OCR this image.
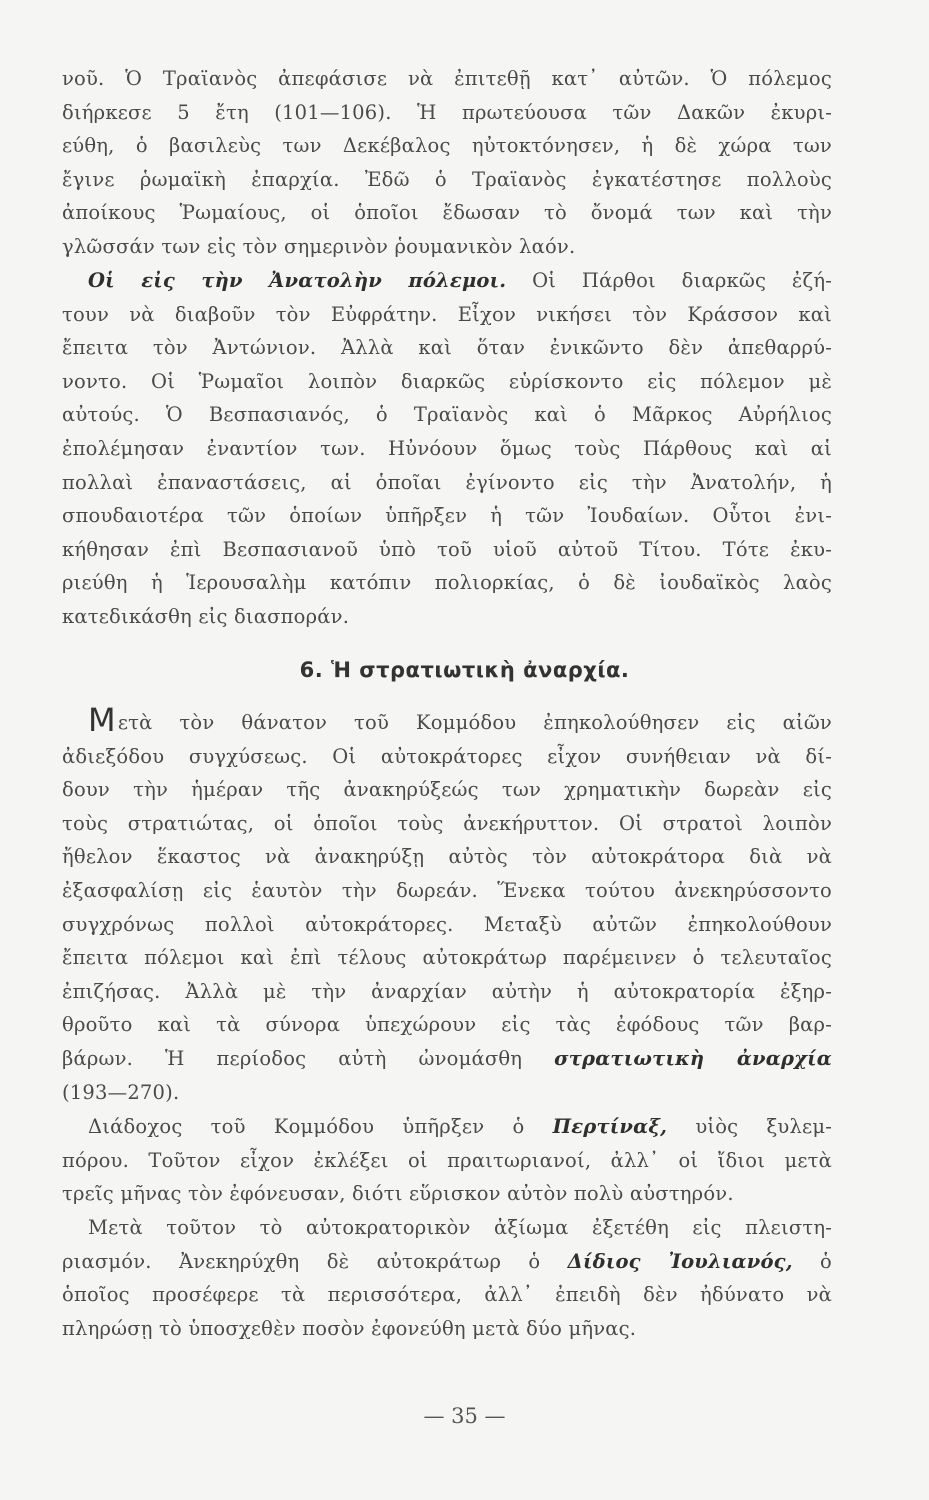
νοῦ. Ὁ Τραϊανὸς ἀπεφάσισε νὰ ἐπιτεθῇ κατ᾿ αὐτῶν. Ὁ πόλεμος
διήρκεσε 5 ἔτη (101—106). Ἡ πρωτεύουσα τῶν Δακῶν ἐκυρι-
εύθη, ὁ βασιλεὺς των Δεκέβαλος ηὐτοκτόνησεν, ἡ δὲ χώρα των
ἔγινε ῥωμαϊκὴ ἐπαρχία. Ἐδῶ ὁ Τραϊανὸς ἐγκατέστησε πολλοὺς
ἀποίκους Ῥωμαίους, οἱ ὁποῖοι ἔδωσαν τὸ ὄνομά των καὶ τὴν
γλῶσσάν των εἰς τὸν σημερινὸν ῥουμανικὸν λαόν.
Οἱ εἰς τὴν Ἀνατολὴν πόλεμοι. Οἱ Πάρθοι διαρκῶς ἐζή-
τουν νὰ διαβοῦν τὸν Εὐφράτην. Εἶχον νικήσει τὸν Κράσσον καὶ
ἔπειτα τὸν Ἀντώνιον. Ἀλλὰ καὶ ὅταν ἐνικῶντο δὲν ἀπεθαρρύ-
νοντο. Οἱ Ῥωμαῖοι λοιπὸν διαρκῶς εὑρίσκοντο εἰς πόλεμον μὲ
αὐτούς. Ὁ Βεσπασιανός, ὁ Τραϊανὸς καὶ ὁ Μᾶρκος Αὐρήλιος
ἐπολέμησαν ἐναντίον των. Ηὐνόουν ὅμως τοὺς Πάρθους καὶ αἱ
πολλαὶ ἐπαναστάσεις, αἱ ὁποῖαι ἐγίνοντο εἰς τὴν Ἀνατολήν, ἡ
σπουδαιοτέρα τῶν ὁποίων ὑπῆρξεν ἡ τῶν Ἰουδαίων. Οὗτοι ἐνι-
κήθησαν ἐπὶ Βεσπασιανοῦ ὑπὸ τοῦ υἱοῦ αὐτοῦ Τίτου. Τότε ἐκυ-
ριεύθη ἡ Ἱερουσαλὴμ κατόπιν πολιορκίας, ὁ δὲ ἰουδαϊκὸς λαὸς
κατεδικάσθη εἰς διασποράν.
6. Ἡ στρατιωτικὴ ἀναρχία.
Μετὰ τὸν θάνατον τοῦ Κομμόδου ἐπηκολούθησεν εἰς αἰῶν
ἀδιεξόδου συγχύσεως. Οἱ αὐτοκράτορες εἶχον συνήθειαν νὰ δί-
δουν τὴν ἡμέραν τῆς ἀνακηρύξεώς των χρηματικὴν δωρεὰν εἰς
τοὺς στρατιώτας, οἱ ὁποῖοι τοὺς ἀνεκήρυττον. Οἱ στρατοὶ λοιπὸν
ἤθελον ἕκαστος νὰ ἀνακηρύξῃ αὐτὸς τὸν αὐτοκράτορα διὰ νὰ
ἐξασφαλίσῃ εἰς ἑαυτὸν τὴν δωρεάν. Ἕνεκα τούτου ἀνεκηρύσσοντο
συγχρόνως πολλοὶ αὐτοκράτορες. Μεταξὺ αὐτῶν ἐπηκολούθουν
ἔπειτα πόλεμοι καὶ ἐπὶ τέλους αὐτοκράτωρ παρέμεινεν ὁ τελευταῖος
ἐπιζήσας. Ἀλλὰ μὲ τὴν ἀναρχίαν αὐτὴν ἡ αὐτοκρατορία ἐξηρ-
θροῦτο καὶ τὰ σύνορα ὑπεχώρουν εἰς τὰς ἐφόδους τῶν βαρ-
βάρων. Ἡ περίοδος αὐτὴ ὠνομάσθη στρατιωτικὴ ἀναρχία
(193—270).
Διάδοχος τοῦ Κομμόδου ὑπῆρξεν ὁ Περτίναξ, υἱὸς ξυλεμ-
πόρου. Τοῦτον εἶχον ἐκλέξει οἱ πραιτωριανοί, ἀλλ᾿ οἱ ἴδιοι μετὰ
τρεῖς μῆνας τὸν ἐφόνευσαν, διότι εὕρισκον αὐτὸν πολὺ αὐστηρόν.
Μετὰ τοῦτον τὸ αὐτοκρατορικὸν ἀξίωμα ἐξετέθη εἰς πλειστη-
ριασμόν. Ἀνεκηρύχθη δὲ αὐτοκράτωρ ὁ Δίδιος Ἰουλιανός, ὁ
ὁποῖος προσέφερε τὰ περισσότερα, ἀλλ᾿ ἐπειδὴ δὲν ἠδύνατο νὰ
πληρώσῃ τὸ ὑποσχεθὲν ποσὸν ἐφονεύθη μετὰ δύο μῆνας.
— 35 —
